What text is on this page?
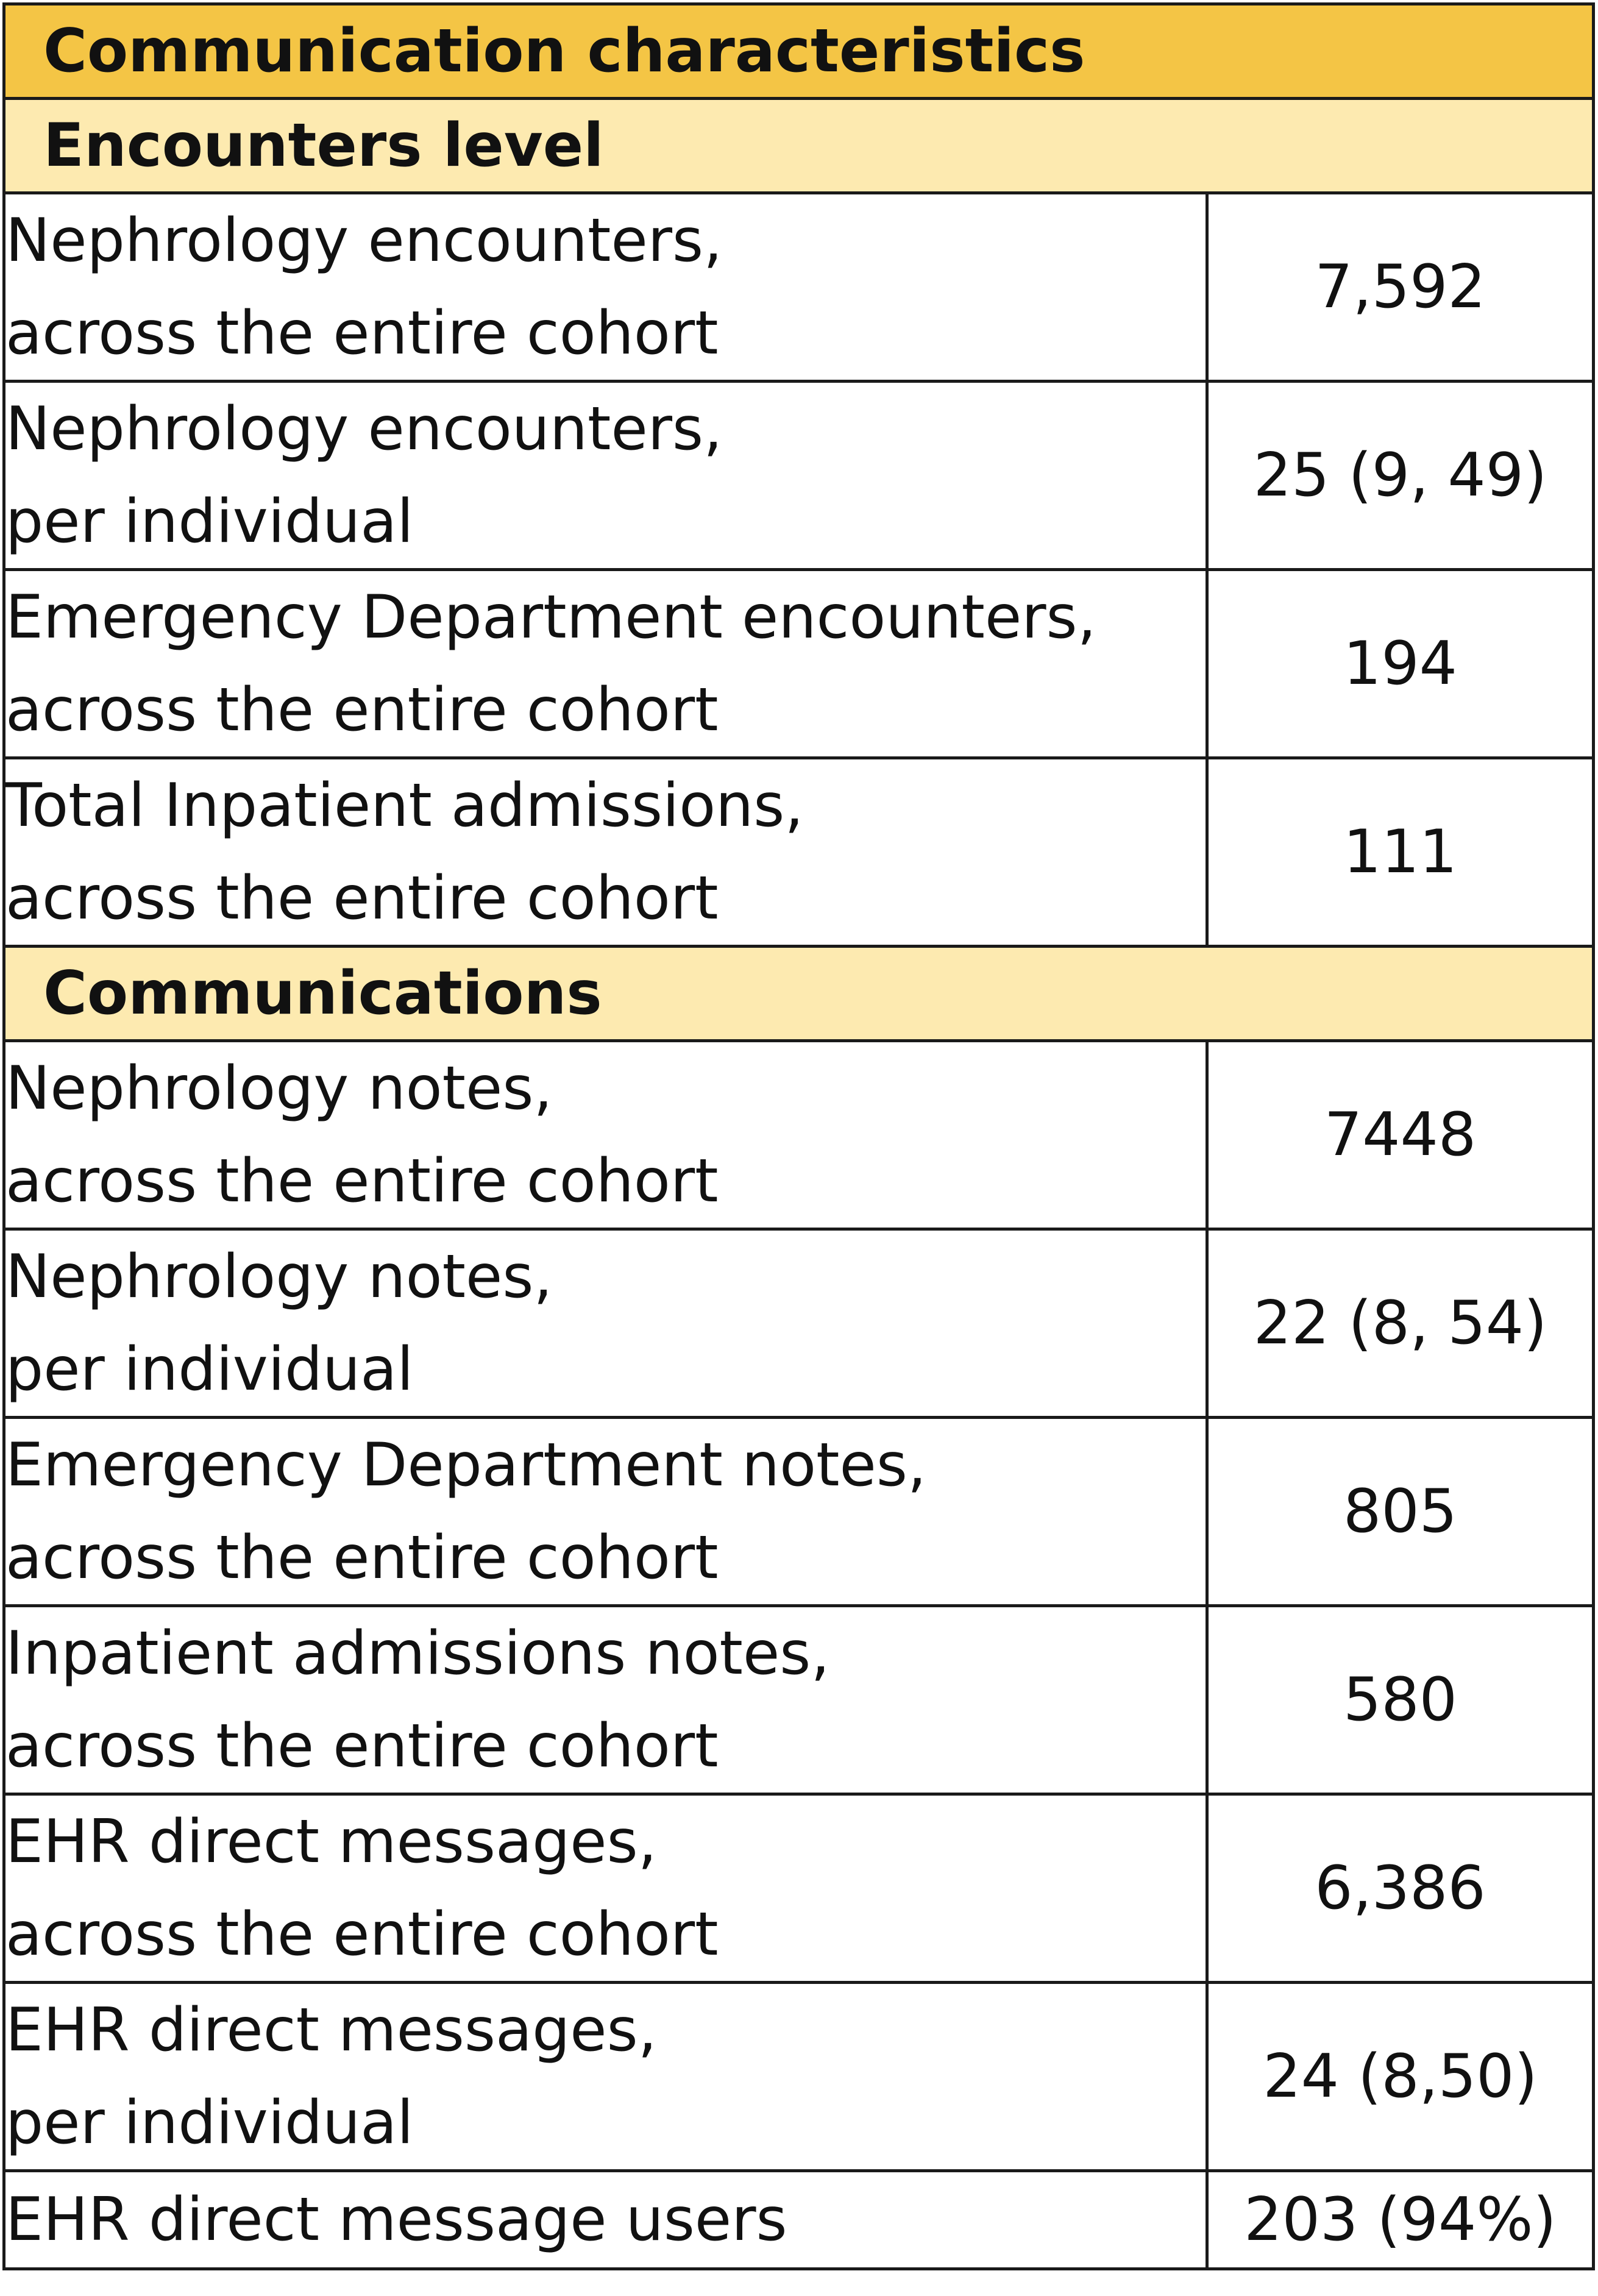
Communication characteristics	
Encounters level	
Nephrology encounters,
across the entire cohort	7,592
Nephrology encounters,
per individual	25 (9, 49)
Emergency Department encounters,
across the entire cohort	194
Total Inpatient admissions,
across the entire cohort	111
Communications	
Nephrology notes,
across the entire cohort	7448
Nephrology notes,
per individual	22 (8, 54)
Emergency Department notes,
across the entire cohort	805
Inpatient admissions notes,
across the entire cohort	580
EHR direct messages,
across the entire cohort	6,386
EHR direct messages,
per individual	24 (8,50)
EHR direct message users	203 (94%)
